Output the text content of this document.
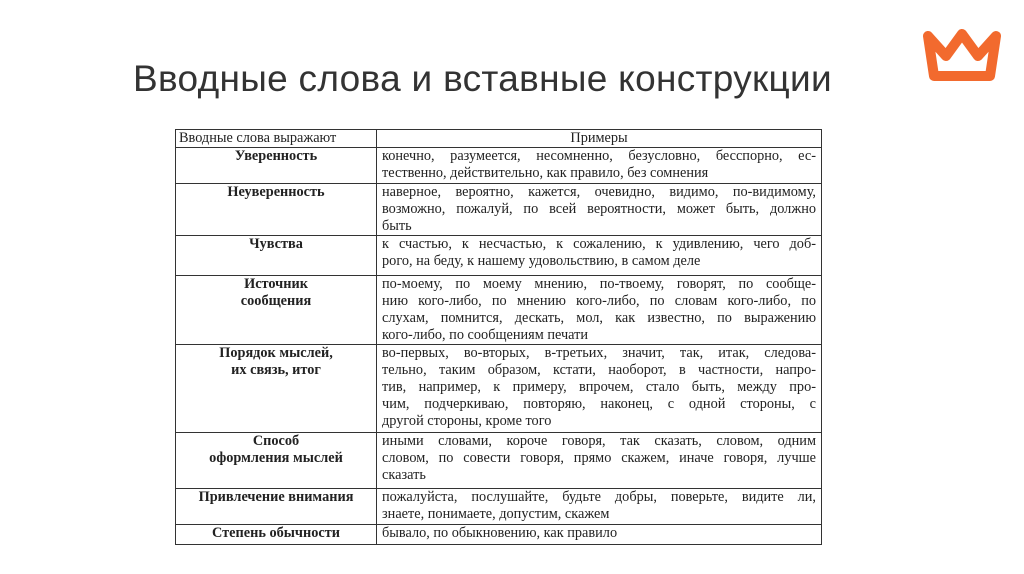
Вводные слова и вставные конструкции
Вводные слова выражают	Примеры

Уверенность	конечно, разумеется, несомненно, безусловно, бесспорно, ес-
тественно, действительно, как правило, без сомнения

Неуверенность	наверное, вероятно, кажется, очевидно, видимо, по-видимому,
возможно, пожалуй, по всей вероятности, может быть, должно
быть

Чувства	к счастью, к несчастью, к сожалению, к удивлению, чего доб-
рого, на беду, к нашему удовольствию, в самом деле

Источник
сообщения	по-моему, по моему мнению, по-твоему, говорят, по сообще-
нию кого-либо, по мнению кого-либо, по словам кого-либо, по
слухам, помнится, дескать, мол, как известно, по выражению
кого-либо, по сообщениям печати

Порядок мыслей,
их связь, итог	во-первых, во-вторых, в-третьих, значит, так, итак, следова-
тельно, таким образом, кстати, наоборот, в частности, напро-
тив, например, к примеру, впрочем, стало быть, между про-
чим, подчеркиваю, повторяю, наконец, с одной стороны, с
другой стороны, кроме того

Способ
оформления мыслей	иными словами, короче говоря, так сказать, словом, одним
словом, по совести говоря, прямо скажем, иначе говоря, лучше
сказать

Привлечение внимания	пожалуйста, послушайте, будьте добры, поверьте, видите ли,
знаете, понимаете, допустим, скажем

Степень обычности	бывало, по обыкновению, как правило
